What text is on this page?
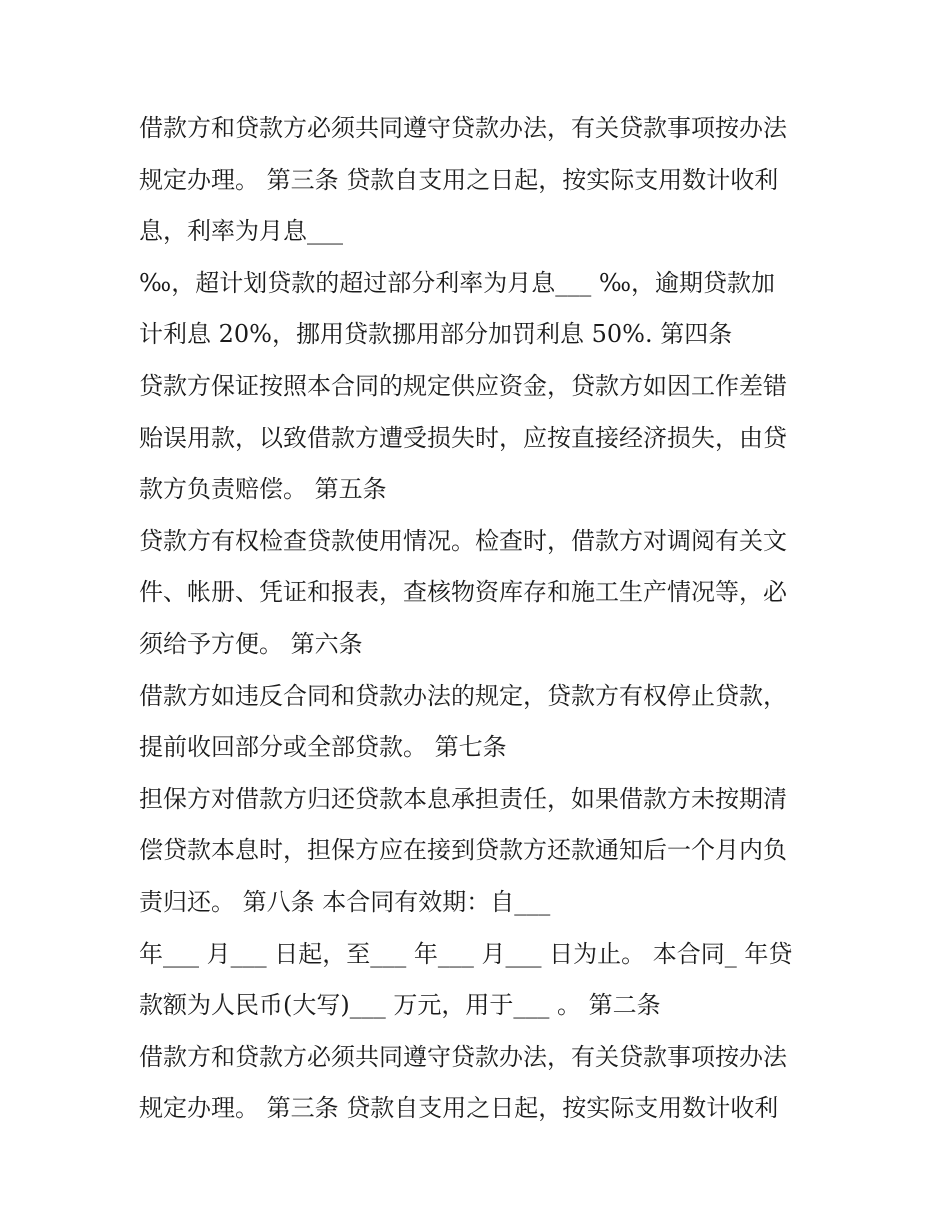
借款方和贷款方必须共同遵守贷款办法，有关贷款事项按办法
规定办理。 第三条 贷款自支用之日起，按实际支用数计收利
息，利率为月息___
‰，超计划贷款的超过部分利率为月息___ ‰，逾期贷款加
计利息 20%，挪用贷款挪用部分加罚利息 50%. 第四条
贷款方保证按照本合同的规定供应资金，贷款方如因工作差错
贻误用款，以致借款方遭受损失时，应按直接经济损失，由贷
款方负责赔偿。 第五条
贷款方有权检查贷款使用情况。检查时，借款方对调阅有关文
件、帐册、凭证和报表，查核物资库存和施工生产情况等，必
须给予方便。 第六条
借款方如违反合同和贷款办法的规定，贷款方有权停止贷款，
提前收回部分或全部贷款。 第七条
担保方对借款方归还贷款本息承担责任，如果借款方未按期清
偿贷款本息时，担保方应在接到贷款方还款通知后一个月内负
责归还。 第八条 本合同有效期：自___
年___ 月___ 日起，至___ 年___ 月___ 日为止。 本合同_ 年贷
款额为人民币(大写)___ 万元，用于___ 。 第二条
借款方和贷款方必须共同遵守贷款办法，有关贷款事项按办法
规定办理。 第三条 贷款自支用之日起，按实际支用数计收利
